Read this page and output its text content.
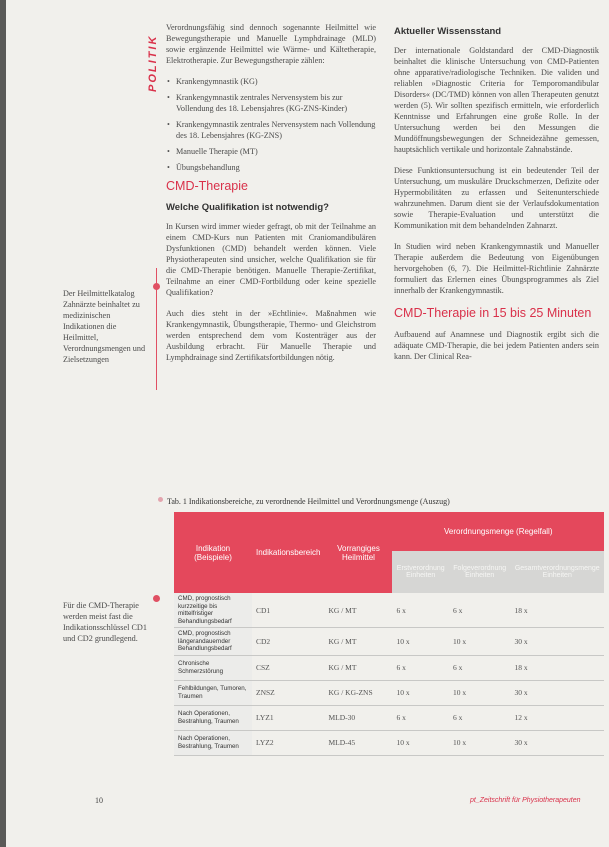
POLITIK
Der Heilmittelkatalog Zahnärzte beinhaltet zu medizinischen Indikationen die Heilmittel, Verordnungsmengen und Zielsetzungen
Für die CMD-Therapie werden meist fast die Indikationsschlüssel CD1 und CD2 grundlegend.

Verordnungsfähig sind dennoch sogenannte Heilmittel wie Bewegungstherapie und Manuelle Lymphdrainage (MLD) sowie ergänzende Heilmittel wie Wärme- und Kältetherapie, Elektrotherapie. Zur Bewegungstherapie zählen:

• Krankengymnastik (KG)
• Krankengymnastik zentrales Nervensystem bis zur Vollendung des 18. Lebensjahres (KG-ZNS-Kinder)
• Krankengymnastik zentrales Nervensystem nach Vollendung des 18. Lebensjahres (KG-ZNS)
• Manuelle Therapie (MT)
• Übungsbehandlung
CMD-Therapie
Welche Qualifikation ist notwendig?

In Kursen wird immer wieder gefragt, ob mit der Teilnahme an einem CMD-Kurs nun Patienten mit Craniomandibulären Dysfunktionen (CMD) behandelt werden können. Viele Physiotherapeuten sind unsicher, welche Qualifikation sie für die CMD-Therapie benötigen. Manuelle Therapie-Zertifikat, Teilnahme an einer CMD-Fortbildung oder keine spezielle Qualifikation?

Auch dies steht in der »Echtlinie«. Maßnahmen wie Krankengymnastik, Übungstherapie, Thermo- und Gleichstrom werden entsprechend dem vom Kostenträger aus der Ausbildung erbracht. Für Manuelle Therapie und Lymphdrainage sind Zertifikatsfortbildungen nötig.

Aktueller Wissensstand

Der internationale Goldstandard der CMD-Diagnostik beinhaltet die klinische Untersuchung von CMD-Patienten ohne apparative/radiologische Techniken. Die validen und reliablen »Diagnostic Criteria for Temporomandibular Disorders« (DC/TMD) können von allen Therapeuten genutzt werden (5). Wir sollten spezifisch ermitteln, wie erforderlich Kenntnisse und Erfahrungen eine große Rolle. In der Untersuchung werden bei den Messungen die Mundöffnungsbewegungen der Schneidezähne gemessen, hauptsächlich vertikale und horizontale Zahnabstände.

Diese Funktionsuntersuchung ist ein bedeutender Teil der Untersuchung, um muskuläre Druckschmerzen, Defizite oder Hypermobilitäten zu erfassen und Seitenunterschiede wahrzunehmen. Darum dient sie der Verlaufsdokumentation sowie Therapie-Evaluation und unterstützt die Kommunikation mit dem behandelnden Zahnarzt.

In Studien wird neben Krankengymnastik und Manueller Therapie außerdem die Bedeutung von Eigenübungen hervorgehoben (6, 7). Die Heilmittel-Richtlinie Zahnärzte formuliert das Erlernen eines Übungsprogrammes als Ziel innerhalb der Krankengymnastik.

CMD-Therapie in 15 bis 25 Minuten

Aufbauend auf Anamnese und Diagnostik ergibt sich die adäquate CMD-Therapie, die bei jedem Patienten anders sein kann. Der Clinical Rea-

Tab. 1 Indikationsbereiche, zu verordnende Heilmittel und Verordnungsmenge (Auszug)
Indikation (Beispiele)	Indikationsbereich	Vorrangiges Heilmittel	Verordnungsmenge (Regelfall)		
			Erstverordnung Einheiten	Folgeverordnung Einheiten	Gesamtverordnungsmenge Einheiten
CMD, prognostisch kurzzeitige bis mittelfristiger Behandlungsbedarf	CD1	KG / MT	6 x	6 x	18 x
CMD, prognostisch längerandauernder Behandlungsbedarf	CD2	KG / MT	10 x	10 x	30 x
Chronische Schmerzstörung	CSZ	KG / MT	6 x	6 x	18 x
Fehlbildungen, Tumoren, Traumen	ZNSZ	KG / KG-ZNS	10 x	10 x	30 x
Nach Operationen, Bestrahlung, Traumen	LYZ1	MLD-30	6 x	6 x	12 x
Nach Operationen, Bestrahlung, Traumen	LYZ2	MLD-45	10 x	10 x	30 x
10	pt_Zeitschrift für Physiotherapeuten
